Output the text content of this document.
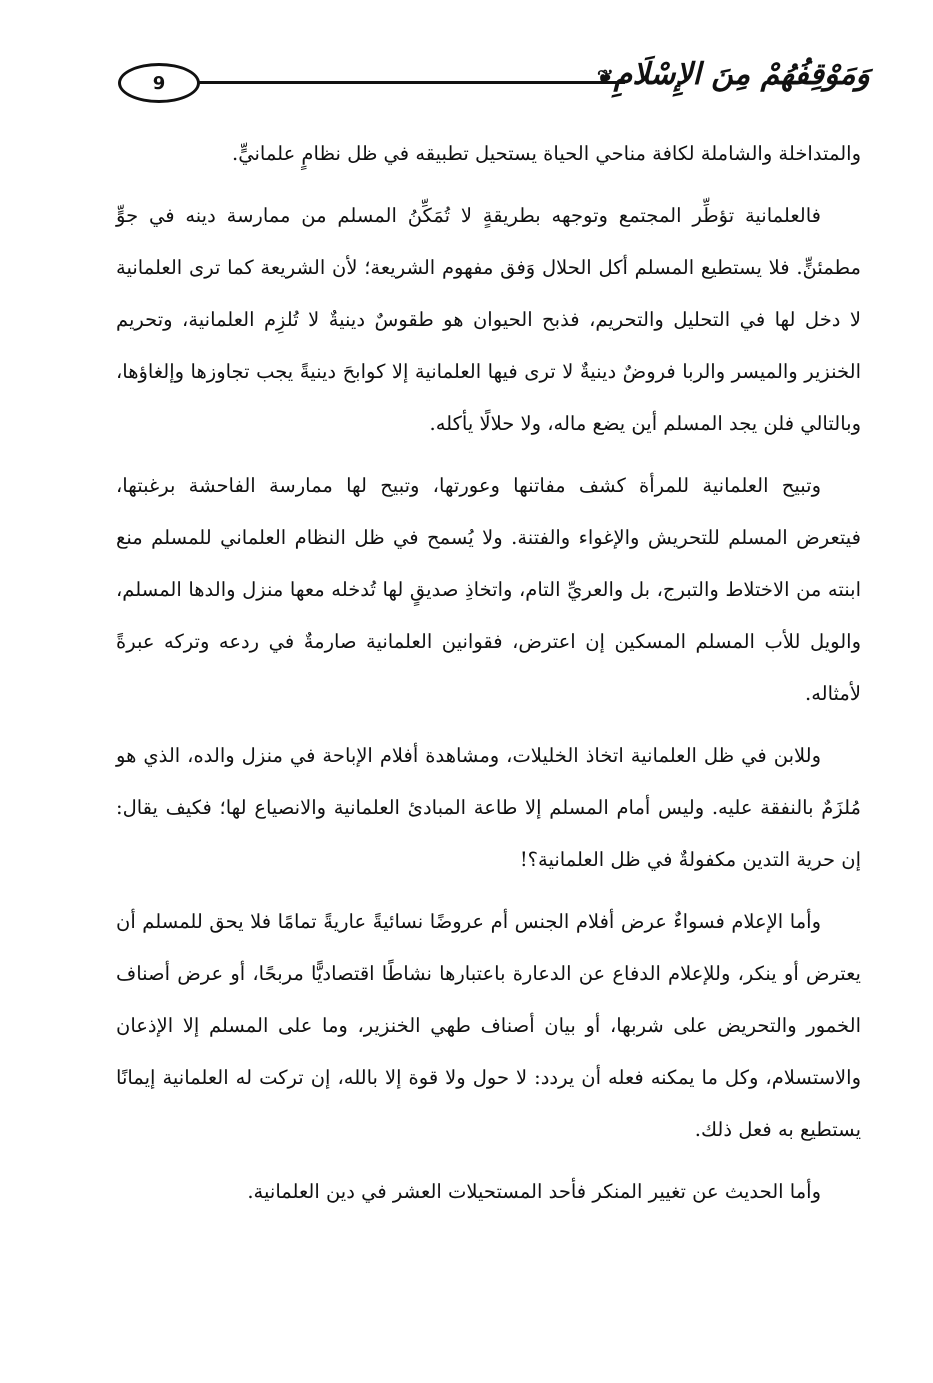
9	وَمَوْقِفُهُمْ مِنَ الإِسْلَامِ❦

والمتداخلة والشاملة لكافة مناحي الحياة يستحيل تطبيقه في ظل نظامٍ علمانيٍّ.

فالعلمانية تؤطِّر المجتمع وتوجهه بطريقةٍ لا تُمَكِّنُ المسلم من ممارسة دينه في جوٍّ مطمئنٍّ. فلا يستطيع المسلم أكل الحلال وَفق مفهوم الشريعة؛ لأن الشريعة كما ترى العلمانية لا دخل لها في التحليل والتحريم، فذبح الحيوان هو طقوسٌ دينيةٌ لا تُلزِم العلمانية، وتحريم الخنزير والميسر والربا فروضٌ دينيةٌ لا ترى فيها العلمانية إلا كوابحَ دينيةً يجب تجاوزها وإلغاؤها، وبالتالي فلن يجد المسلم أين يضع ماله، ولا حلالًا يأكله.

وتبيح العلمانية للمرأة كشف مفاتنها وعورتها، وتبيح لها ممارسة الفاحشة برغبتها، فيتعرض المسلم للتحريش والإغواء والفتنة. ولا يُسمح في ظل النظام العلماني للمسلم منع ابنته من الاختلاط والتبرج، بل والعريِّ التام، واتخاذِ صديقٍ لها تُدخله معها منزل والدها المسلم، والويل للأب المسلم المسكين إن اعترض، فقوانين العلمانية صارمةٌ في ردعه وتركه عبرةً لأمثاله.

وللابن في ظل العلمانية اتخاذ الخليلات، ومشاهدة أفلام الإباحة في منزل والده، الذي هو مُلزَمٌ بالنفقة عليه. وليس أمام المسلم إلا طاعة المبادئ العلمانية والانصياع لها؛ فكيف يقال: إن حرية التدين مكفولةٌ في ظل العلمانية؟!

وأما الإعلام فسواءٌ عرض أفلام الجنس أم عروضًا نسائيةً عاريةً تمامًا فلا يحق للمسلم أن يعترض أو ينكر، وللإعلام الدفاع عن الدعارة باعتبارها نشاطًا اقتصاديًّا مربحًا، أو عرض أصناف الخمور والتحريض على شربها، أو بيان أصناف طهي الخنزير، وما على المسلم إلا الإذعان والاستسلام، وكل ما يمكنه فعله أن يردد: لا حول ولا قوة إلا بالله، إن تركت له العلمانية إيمانًا يستطيع به فعل ذلك.

وأما الحديث عن تغيير المنكر فأحد المستحيلات العشر في دين العلمانية.
